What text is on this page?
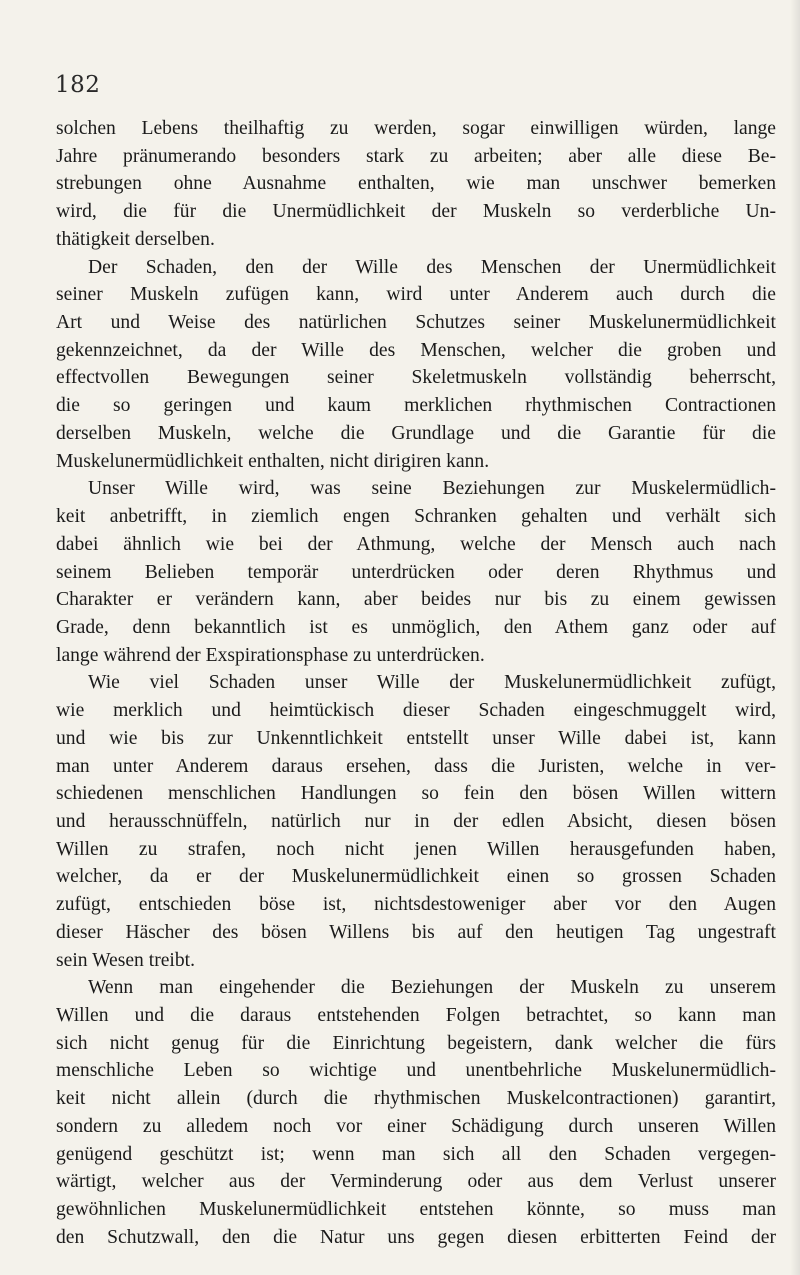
182
solchen Lebens theilhaftig zu werden, sogar einwilligen würden, lange
Jahre pränumerando besonders stark zu arbeiten; aber alle diese Be-
strebungen ohne Ausnahme enthalten, wie man unschwer bemerken
wird, die für die Unermüdlichkeit der Muskeln so verderbliche Un-
thätigkeit derselben.
Der Schaden, den der Wille des Menschen der Unermüdlichkeit
seiner Muskeln zufügen kann, wird unter Anderem auch durch die
Art und Weise des natürlichen Schutzes seiner Muskelunermüdlichkeit
gekennzeichnet, da der Wille des Menschen, welcher die groben und
effectvollen Bewegungen seiner Skeletmuskeln vollständig beherrscht,
die so geringen und kaum merklichen rhythmischen Contractionen
derselben Muskeln, welche die Grundlage und die Garantie für die
Muskelunermüdlichkeit enthalten, nicht dirigiren kann.
Unser Wille wird, was seine Beziehungen zur Muskelermüdlich-
keit anbetrifft, in ziemlich engen Schranken gehalten und verhält sich
dabei ähnlich wie bei der Athmung, welche der Mensch auch nach
seinem Belieben temporär unterdrücken oder deren Rhythmus und
Charakter er verändern kann, aber beides nur bis zu einem gewissen
Grade, denn bekanntlich ist es unmöglich, den Athem ganz oder auf
lange während der Exspirationsphase zu unterdrücken.
Wie viel Schaden unser Wille der Muskelunermüdlichkeit zufügt,
wie merklich und heimtückisch dieser Schaden eingeschmuggelt wird,
und wie bis zur Unkenntlichkeit entstellt unser Wille dabei ist, kann
man unter Anderem daraus ersehen, dass die Juristen, welche in ver-
schiedenen menschlichen Handlungen so fein den bösen Willen wittern
und herausschnüffeln, natürlich nur in der edlen Absicht, diesen bösen
Willen zu strafen, noch nicht jenen Willen herausgefunden haben,
welcher, da er der Muskelunermüdlichkeit einen so grossen Schaden
zufügt, entschieden böse ist, nichtsdestoweniger aber vor den Augen
dieser Häscher des bösen Willens bis auf den heutigen Tag ungestraft
sein Wesen treibt.
Wenn man eingehender die Beziehungen der Muskeln zu unserem
Willen und die daraus entstehenden Folgen betrachtet, so kann man
sich nicht genug für die Einrichtung begeistern, dank welcher die fürs
menschliche Leben so wichtige und unentbehrliche Muskelunermüdlich-
keit nicht allein (durch die rhythmischen Muskelcontractionen) garantirt,
sondern zu alledem noch vor einer Schädigung durch unseren Willen
genügend geschützt ist; wenn man sich all den Schaden vergegen-
wärtigt, welcher aus der Verminderung oder aus dem Verlust unserer
gewöhnlichen Muskelunermüdlichkeit entstehen könnte, so muss man
den Schutzwall, den die Natur uns gegen diesen erbitterten Feind der
